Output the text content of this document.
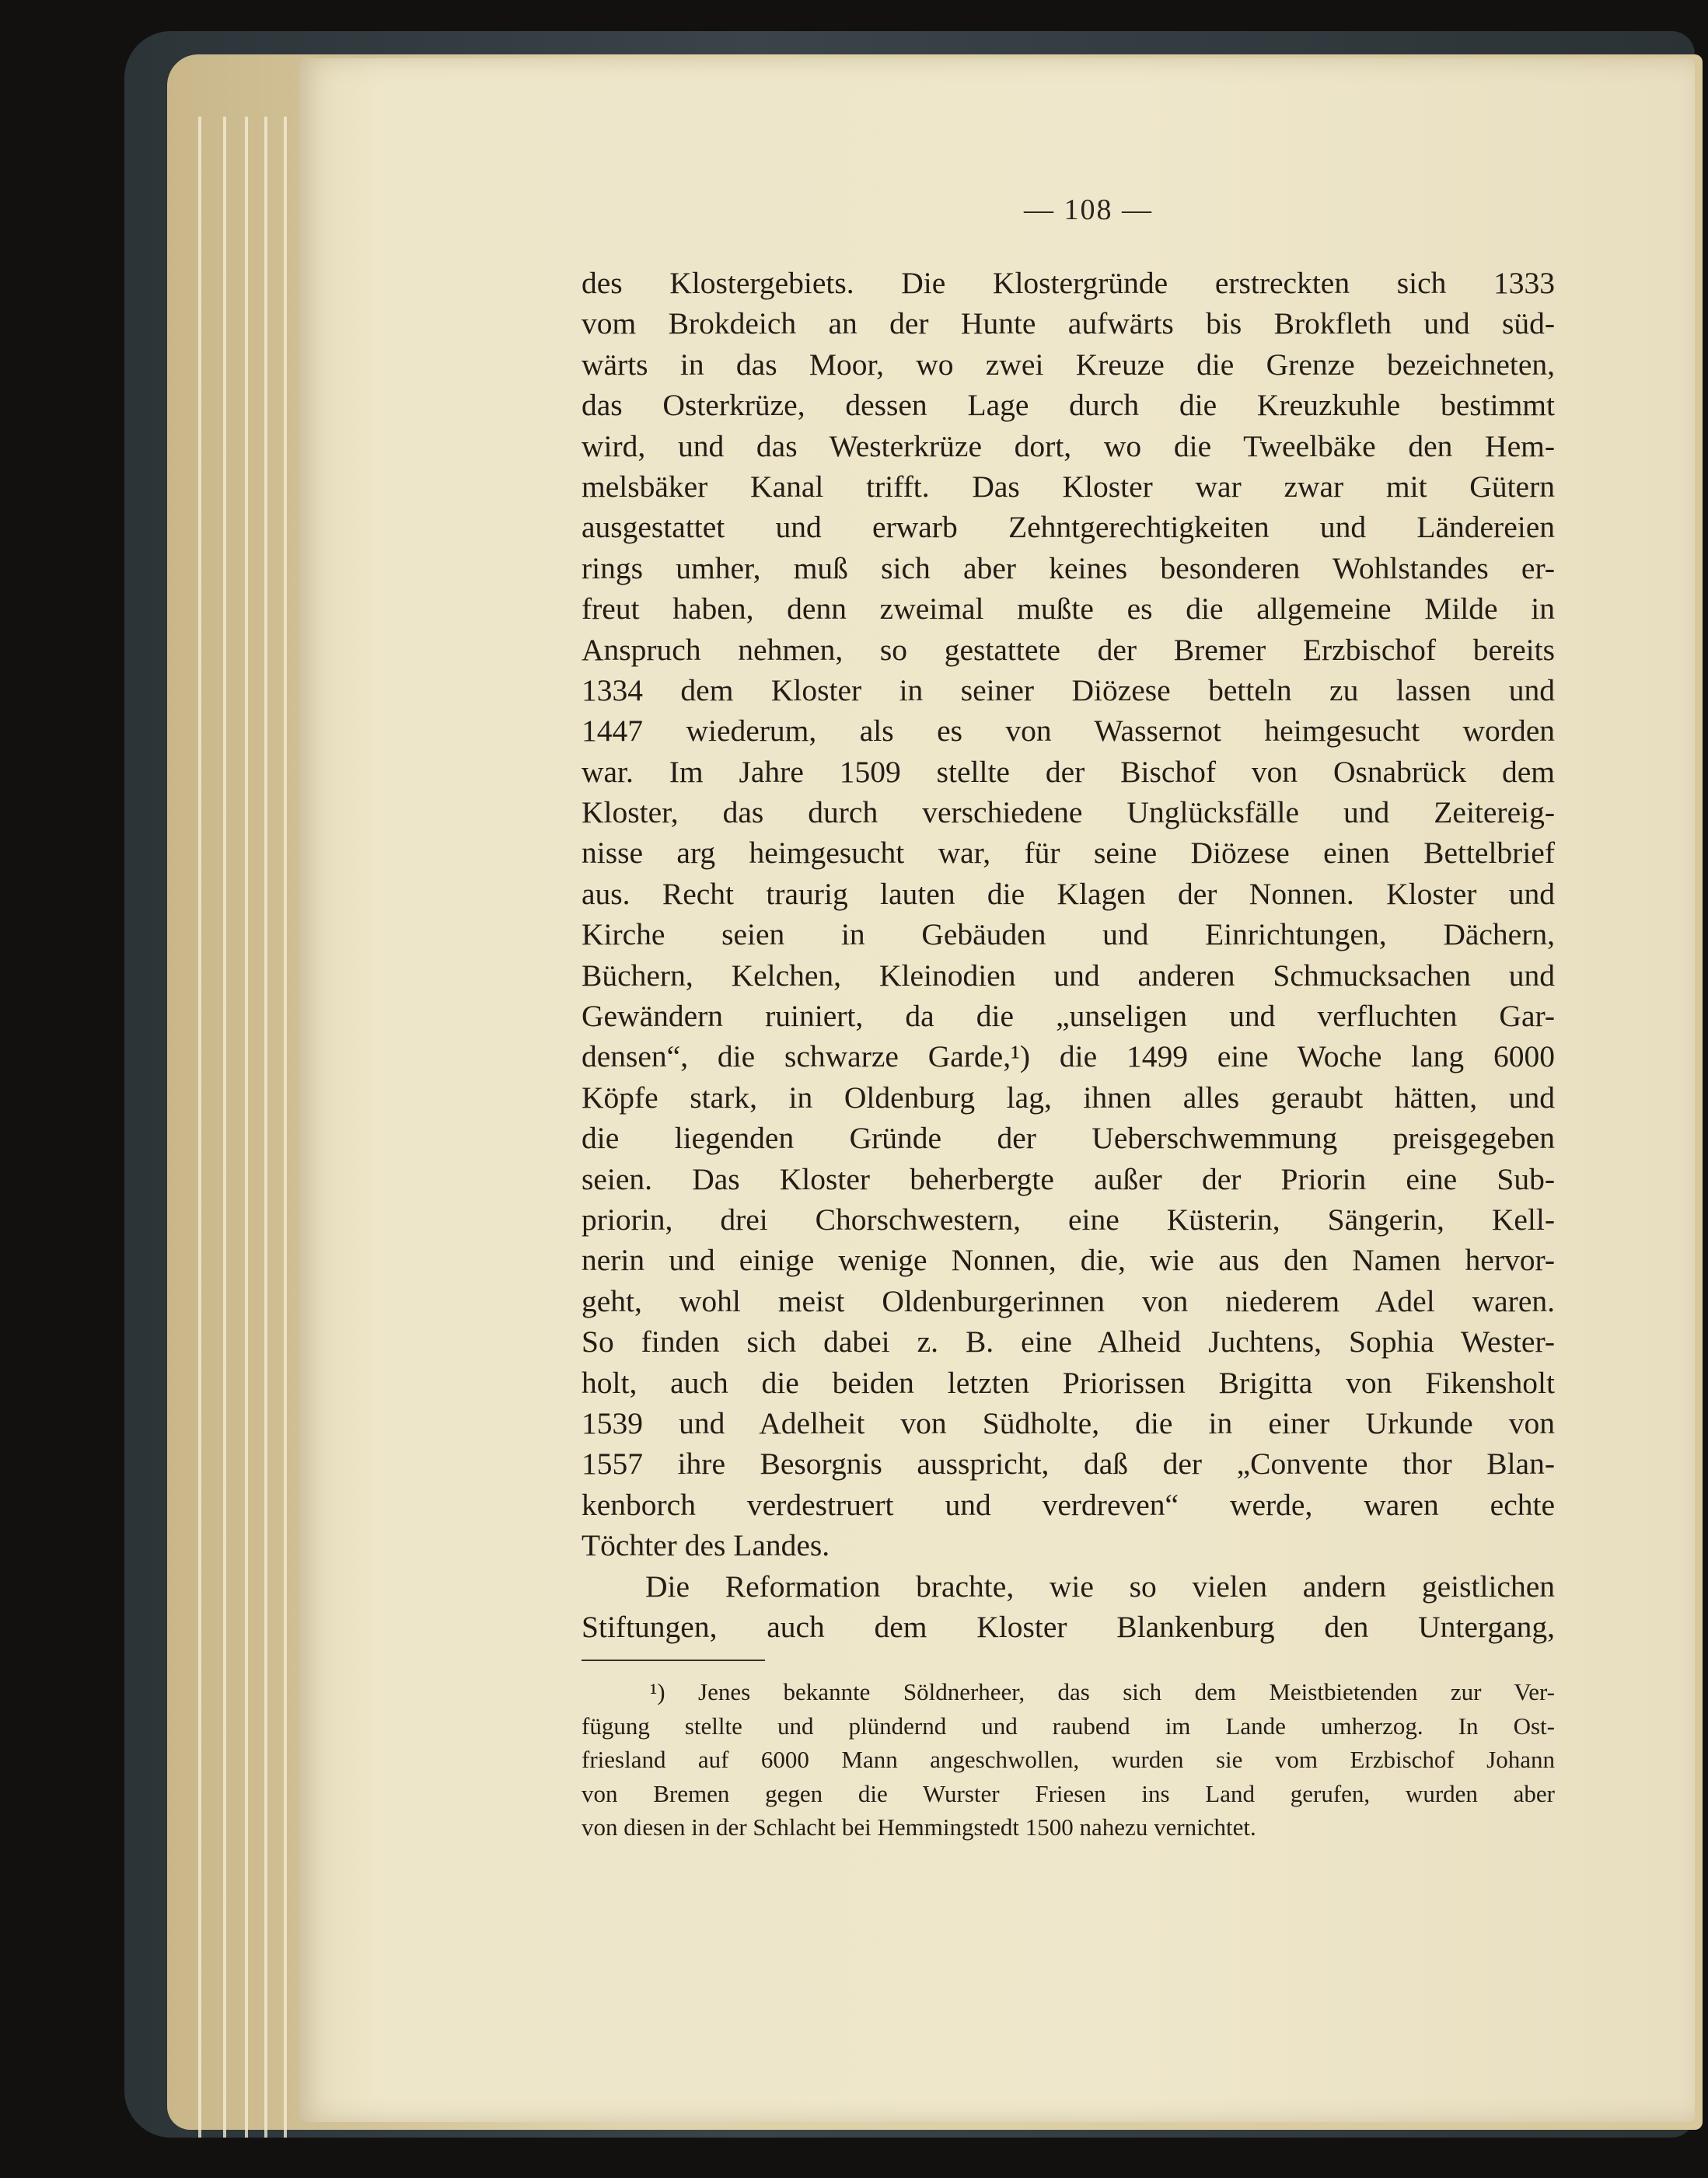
— 108 —
des Klostergebiets. Die Klostergründe erstreckten sich 1333
vom Brokdeich an der Hunte aufwärts bis Brokfleth und süd-
wärts in das Moor, wo zwei Kreuze die Grenze bezeichneten,
das Osterkrüze, dessen Lage durch die Kreuzkuhle bestimmt
wird, und das Westerkrüze dort, wo die Tweelbäke den Hem-
melsbäker Kanal trifft. Das Kloster war zwar mit Gütern
ausgestattet und erwarb Zehntgerechtigkeiten und Ländereien
rings umher, muß sich aber keines besonderen Wohlstandes er-
freut haben, denn zweimal mußte es die allgemeine Milde in
Anspruch nehmen, so gestattete der Bremer Erzbischof bereits
1334 dem Kloster in seiner Diözese betteln zu lassen und
1447 wiederum, als es von Wassernot heimgesucht worden
war. Im Jahre 1509 stellte der Bischof von Osnabrück dem
Kloster, das durch verschiedene Unglücksfälle und Zeitereig-
nisse arg heimgesucht war, für seine Diözese einen Bettelbrief
aus. Recht traurig lauten die Klagen der Nonnen. Kloster und
Kirche seien in Gebäuden und Einrichtungen, Dächern,
Büchern, Kelchen, Kleinodien und anderen Schmucksachen und
Gewändern ruiniert, da die „unseligen und verfluchten Gar-
densen“, die schwarze Garde,¹) die 1499 eine Woche lang 6000
Köpfe stark, in Oldenburg lag, ihnen alles geraubt hätten, und
die liegenden Gründe der Ueberschwemmung preisgegeben
seien. Das Kloster beherbergte außer der Priorin eine Sub-
priorin, drei Chorschwestern, eine Küsterin, Sängerin, Kell-
nerin und einige wenige Nonnen, die, wie aus den Namen hervor-
geht, wohl meist Oldenburgerinnen von niederem Adel waren.
So finden sich dabei z. B. eine Alheid Juchtens, Sophia Wester-
holt, auch die beiden letzten Priorissen Brigitta von Fikensholt
1539 und Adelheit von Südholte, die in einer Urkunde von
1557 ihre Besorgnis ausspricht, daß der „Convente thor Blan-
kenborch verdestruert und verdreven“ werde, waren echte
Töchter des Landes.
Die Reformation brachte, wie so vielen andern geistlichen
Stiftungen, auch dem Kloster Blankenburg den Untergang,
¹) Jenes bekannte Söldnerheer, das sich dem Meistbietenden zur Ver-
fügung stellte und plündernd und raubend im Lande umherzog. In Ost-
friesland auf 6000 Mann angeschwollen, wurden sie vom Erzbischof Johann
von Bremen gegen die Wurster Friesen ins Land gerufen, wurden aber
von diesen in der Schlacht bei Hemmingstedt 1500 nahezu vernichtet.
